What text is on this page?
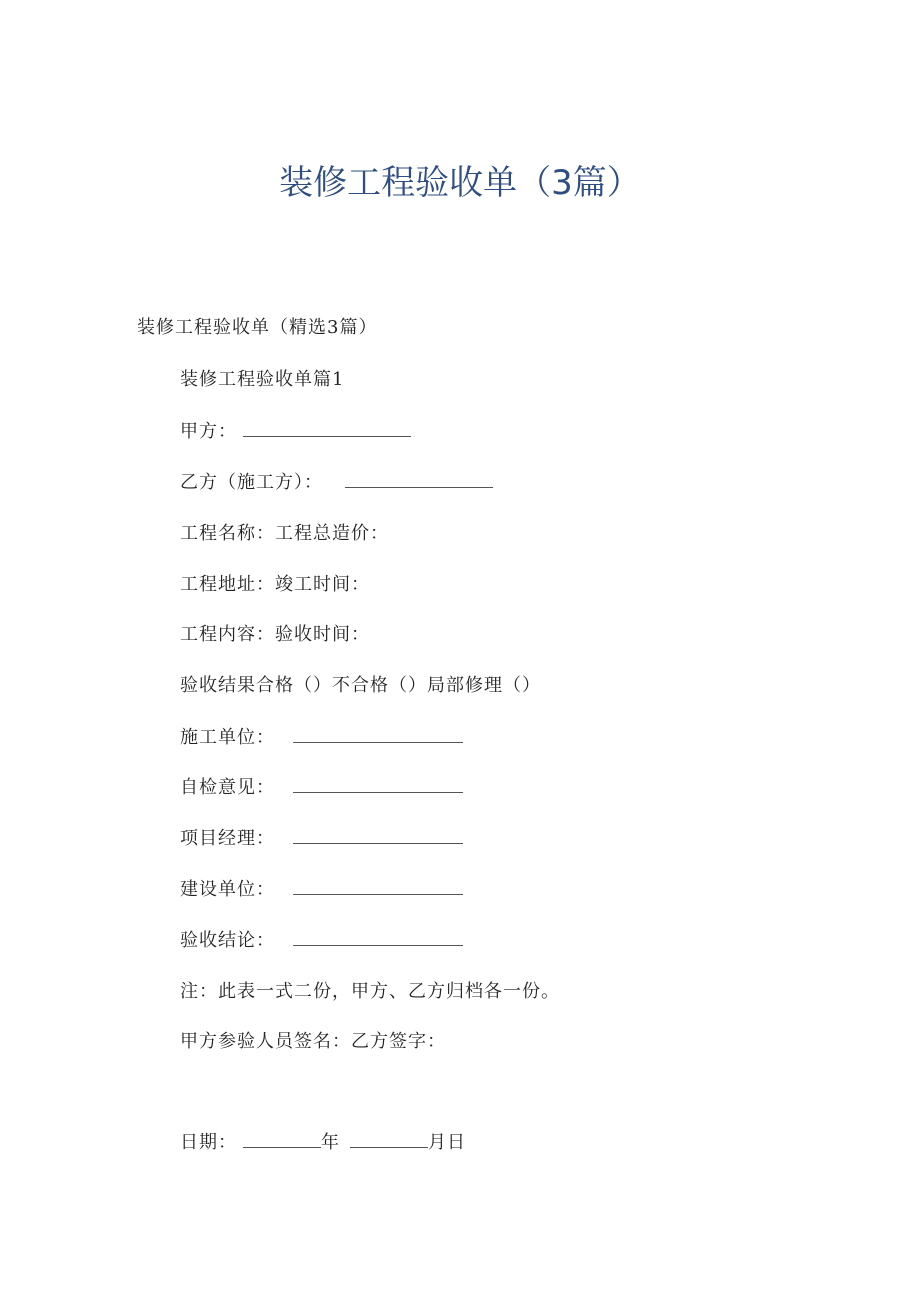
装修工程验收单（3篇）
装修工程验收单（精选3篇）
装修工程验收单篇1
甲方：
乙方（施工方）：
工程名称：工程总造价：
工程地址：竣工时间：
工程内容：验收时间：
验收结果合格（）不合格（）局部修理（）
施工单位：
自检意见：
项目经理：
建设单位：
验收结论：
注：此表一式二份，甲方、乙方归档各一份。
甲方参验人员签名：乙方签字：
日期：	年	月日
